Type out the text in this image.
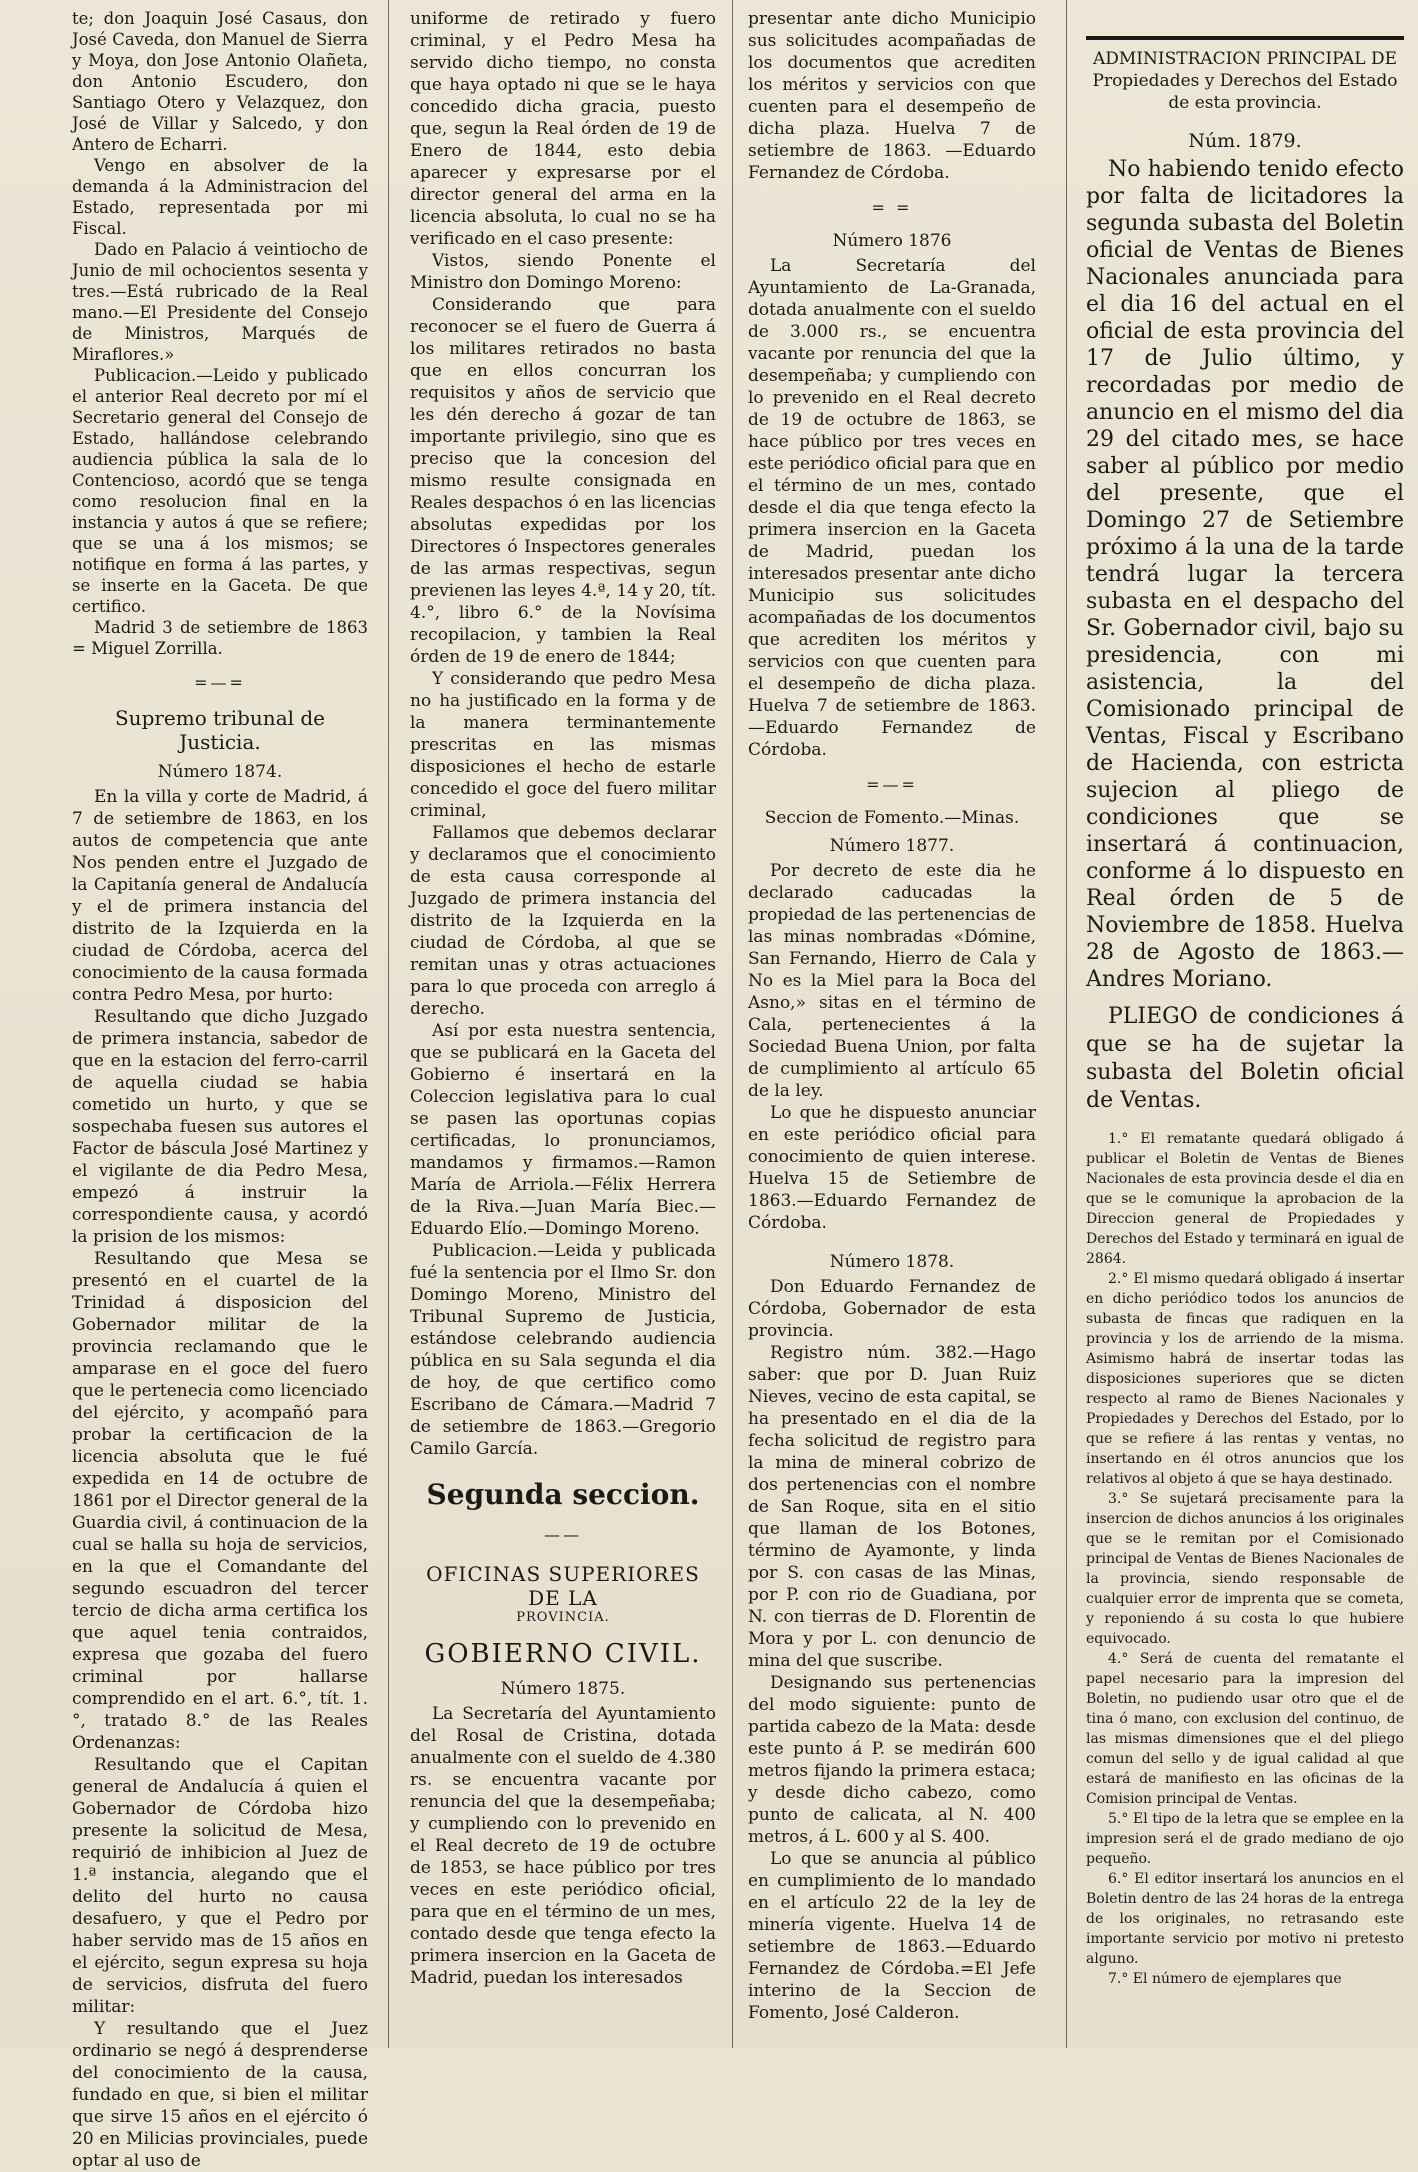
te; don Joaquin José Casaus, don José Caveda, don Manuel de Sierra y Moya, don Jose Antonio Olañeta, don Antonio Escudero, don Santiago Otero y Velazquez, don José de Villar y Salcedo, y don Antero de Echarri.

Vengo en absolver de la demanda á la Administracion del Estado, representada por mi Fiscal.

Dado en Palacio á veintiocho de Junio de mil ochocientos sesenta y tres.—Está rubricado de la Real mano.—El Presidente del Consejo de Ministros, Marqués de Miraflores.»

Publicacion.—Leido y publicado el anterior Real decreto por mí el Secretario general del Consejo de Estado, hallándose celebrando audiencia pública la sala de lo Contencioso, acordó que se tenga como resolucion final en la instancia y autos á que se refiere; que se una á los mismos; se notifique en forma á las partes, y se inserte en la Gaceta. De que certifico.

Madrid 3 de setiembre de 1863 = Miguel Zorrilla.

=—=
Supremo tribunal de Justicia.
Número 1874.

En la villa y corte de Madrid, á 7 de setiembre de 1863, en los autos de competencia que ante Nos penden entre el Juzgado de la Capitanía general de Andalucía y el de primera instancia del distrito de la Izquierda en la ciudad de Córdoba, acerca del conocimiento de la causa formada contra Pedro Mesa, por hurto:

Resultando que dicho Juzgado de primera instancia, sabedor de que en la estacion del ferro-carril de aquella ciudad se habia cometido un hurto, y que se sospechaba fuesen sus autores el Factor de báscula José Martinez y el vigilante de dia Pedro Mesa, empezó á instruir la correspondiente causa, y acordó la prision de los mismos:

Resultando que Mesa se presentó en el cuartel de la Trinidad á disposicion del Gobernador militar de la provincia reclamando que le amparase en el goce del fuero que le pertenecia como licenciado del ejército, y acompañó para probar la certificacion de la licencia absoluta que le fué expedida en 14 de octubre de 1861 por el Director general de la Guardia civil, á continuacion de la cual se halla su hoja de servicios, en la que el Comandante del segundo escuadron del tercer tercio de dicha arma certifica los que aquel tenia contraidos, expresa que gozaba del fuero criminal por hallarse comprendido en el art. 6.°, tít. 1.°, tratado 8.° de las Reales Ordenanzas:

Resultando que el Capitan general de Andalucía á quien el Gobernador de Córdoba hizo presente la solicitud de Mesa, requirió de inhibicion al Juez de 1.ª instancia, alegando que el delito del hurto no causa desafuero, y que el Pedro por haber servido mas de 15 años en el ejército, segun expresa su hoja de servicios, disfruta del fuero militar:

Y resultando que el Juez ordinario se negó á desprenderse del conocimiento de la causa, fundado en que, si bien el militar que sirve 15 años en el ejército ó 20 en Milicias provinciales, puede optar al uso de

uniforme de retirado y fuero criminal, y el Pedro Mesa ha servido dicho tiempo, no consta que haya optado ni que se le haya concedido dicha gracia, puesto que, segun la Real órden de 19 de Enero de 1844, esto debia aparecer y expresarse por el director general del arma en la licencia absoluta, lo cual no se ha verificado en el caso presente:

Vistos, siendo Ponente el Ministro don Domingo Moreno:

Considerando que para reconocer se el fuero de Guerra á los militares retirados no basta que en ellos concurran los requisitos y años de servicio que les dén derecho á gozar de tan importante privilegio, sino que es preciso que la concesion del mismo resulte consignada en Reales despachos ó en las licencias absolutas expedidas por los Directores ó Inspectores generales de las armas respectivas, segun previenen las leyes 4.ª, 14 y 20, tít. 4.°, libro 6.° de la Novísima recopilacion, y tambien la Real órden de 19 de enero de 1844;

Y considerando que pedro Mesa no ha justificado en la forma y de la manera terminantemente prescritas en las mismas disposiciones el hecho de estarle concedido el goce del fuero militar criminal,

Fallamos que debemos declarar y declaramos que el conocimiento de esta causa corresponde al Juzgado de primera instancia del distrito de la Izquierda en la ciudad de Córdoba, al que se remitan unas y otras actuaciones para lo que proceda con arreglo á derecho.

Así por esta nuestra sentencia, que se publicará en la Gaceta del Gobierno é insertará en la Coleccion legislativa para lo cual se pasen las oportunas copias certificadas, lo pronunciamos, mandamos y firmamos.—Ramon María de Arriola.—Félix Herrera de la Riva.—Juan María Biec.—Eduardo Elío.—Domingo Moreno.

Publicacion.—Leida y publicada fué la sentencia por el Ilmo Sr. don Domingo Moreno, Ministro del Tribunal Supremo de Justicia, estándose celebrando audiencia pública en su Sala segunda el dia de hoy, de que certifico como Escribano de Cámara.—Madrid 7 de setiembre de 1863.—Gregorio Camilo García.

Segunda seccion.
——
OFICINAS SUPERIORES DE LA
PROVINCIA.
GOBIERNO CIVIL.
Número 1875.

La Secretaría del Ayuntamiento del Rosal de Cristina, dotada anualmente con el sueldo de 4.380 rs. se encuentra vacante por renuncia del que la desempeñaba; y cumpliendo con lo prevenido en el Real decreto de 19 de octubre de 1853, se hace público por tres veces en este periódico oficial, para que en el término de un mes, contado desde que tenga efecto la primera insercion en la Gaceta de Madrid, puedan los interesados

presentar ante dicho Municipio sus solicitudes acompañadas de los documentos que acrediten los méritos y servicios con que cuenten para el desempeño de dicha plaza. Huelva 7 de setiembre de 1863. —Eduardo Fernandez de Córdoba.

= =
Número 1876

La Secretaría del Ayuntamiento de La-Granada, dotada anualmente con el sueldo de 3.000 rs., se encuentra vacante por renuncia del que la desempeñaba; y cumpliendo con lo prevenido en el Real decreto de 19 de octubre de 1863, se hace público por tres veces en este periódico oficial para que en el término de un mes, contado desde el dia que tenga efecto la primera insercion en la Gaceta de Madrid, puedan los interesados presentar ante dicho Municipio sus solicitudes acompañadas de los documentos que acrediten los méritos y servicios con que cuenten para el desempeño de dicha plaza. Huelva 7 de setiembre de 1863.—Eduardo Fernandez de Córdoba.

=—=
Seccion de Fomento.—Minas.
Número 1877.

Por decreto de este dia he declarado caducadas la propiedad de las pertenencias de las minas nombradas «Dómine, San Fernando, Hierro de Cala y No es la Miel para la Boca del Asno,» sitas en el término de Cala, pertenecientes á la Sociedad Buena Union, por falta de cumplimiento al artículo 65 de la ley.

Lo que he dispuesto anunciar en este periódico oficial para conocimiento de quien interese. Huelva 15 de Setiembre de 1863.—Eduardo Fernandez de Córdoba.

Número 1878.

Don Eduardo Fernandez de Córdoba, Gobernador de esta provincia.

Registro núm. 382.—Hago saber: que por D. Juan Ruiz Nieves, vecino de esta capital, se ha presentado en el dia de la fecha solicitud de registro para la mina de mineral cobrizo de dos pertenencias con el nombre de San Roque, sita en el sitio que llaman de los Botones, término de Ayamonte, y linda por S. con casas de las Minas, por P. con rio de Guadiana, por N. con tierras de D. Florentin de Mora y por L. con denuncio de mina del que suscribe.

Designando sus pertenencias del modo siguiente: punto de partida cabezo de la Mata: desde este punto á P. se medirán 600 metros fijando la primera estaca; y desde dicho cabezo, como punto de calicata, al N. 400 metros, á L. 600 y al S. 400.

Lo que se anuncia al público en cumplimiento de lo mandado en el artículo 22 de la ley de minería vigente. Huelva 14 de setiembre de 1863.—Eduardo Fernandez de Córdoba.=El Jefe interino de la Seccion de Fomento, José Calderon.

ADMINISTRACION PRINCIPAL DE
Propiedades y Derechos del Estado
de esta provincia.
Núm. 1879.

No habiendo tenido efecto por falta de licitadores la segunda subasta del Boletin oficial de Ventas de Bienes Nacionales anunciada para el dia 16 del actual en el oficial de esta provincia del 17 de Julio último, y recordadas por medio de anuncio en el mismo del dia 29 del citado mes, se hace saber al público por medio del presente, que el Domingo 27 de Setiembre próximo á la una de la tarde tendrá lugar la tercera subasta en el despacho del Sr. Gobernador civil, bajo su presidencia, con mi asistencia, la del Comisionado principal de Ventas, Fiscal y Escribano de Hacienda, con estricta sujecion al pliego de condiciones que se insertará á continuacion, conforme á lo dispuesto en Real órden de 5 de Noviembre de 1858. Huelva 28 de Agosto de 1863.—Andres Moriano.

PLIEGO de condiciones á que se ha de sujetar la subasta del Boletin oficial de Ventas.

1.° El rematante quedará obligado á publicar el Boletin de Ventas de Bienes Nacionales de esta provincia desde el dia en que se le comunique la aprobacion de la Direccion general de Propiedades y Derechos del Estado y terminará en igual de 2864.

2.° El mismo quedará obligado á insertar en dicho periódico todos los anuncios de subasta de fincas que radiquen en la provincia y los de arriendo de la misma. Asimismo habrá de insertar todas las disposiciones superiores que se dicten respecto al ramo de Bienes Nacionales y Propiedades y Derechos del Estado, por lo que se refiere á las rentas y ventas, no insertando en él otros anuncios que los relativos al objeto á que se haya destinado.

3.° Se sujetará precisamente para la insercion de dichos anuncios á los originales que se le remitan por el Comisionado principal de Ventas de Bienes Nacionales de la provincia, siendo responsable de cualquier error de imprenta que se cometa, y reponiendo á su costa lo que hubiere equivocado.

4.° Será de cuenta del rematante el papel necesario para la impresion del Boletin, no pudiendo usar otro que el de tina ó mano, con exclusion del continuo, de las mismas dimensiones que el del pliego comun del sello y de igual calidad al que estará de manifiesto en las oficinas de la Comision principal de Ventas.

5.° El tipo de la letra que se emplee en la impresion será el de grado mediano de ojo pequeño.

6.° El editor insertará los anuncios en el Boletin dentro de las 24 horas de la entrega de los originales, no retrasando este importante servicio por motivo ni pretesto alguno.

7.° El número de ejemplares que
